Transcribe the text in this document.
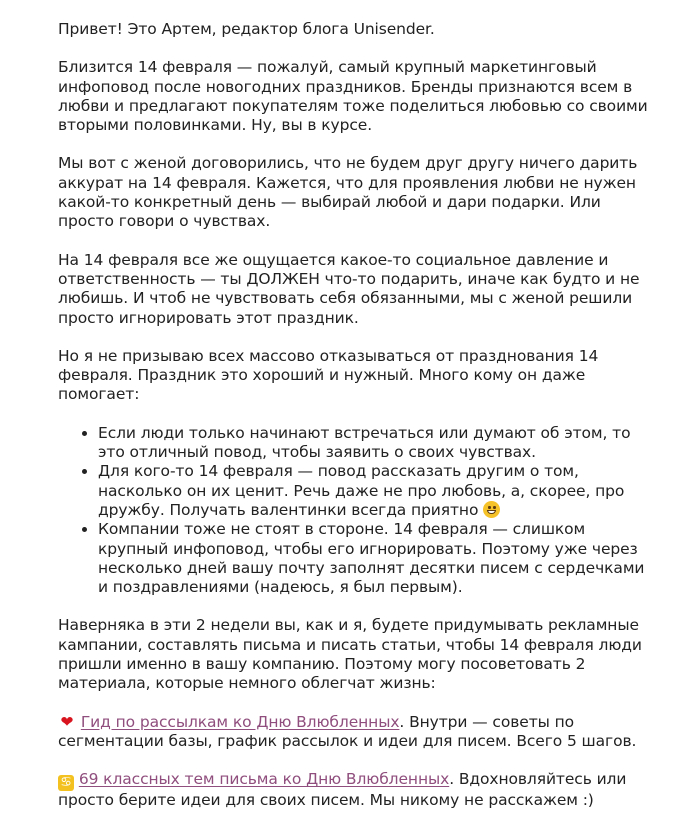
Привет! Это Артем, редактор блога Unisender.

Близится 14 февраля — пожалуй, самый крупный маркетинговый инфоповод после новогодних праздников. Бренды признаются всем в любви и предлагают покупателям тоже поделиться любовью со своими вторыми половинками. Ну, вы в курсе.

Мы вот с женой договорились, что не будем друг другу ничего дарить аккурат на 14 февраля. Кажется, что для проявления любви не нужен какой-то конкретный день — выбирай любой и дари подарки. Или просто говори о чувствах.

На 14 февраля все же ощущается какое-то социальное давление и ответственность — ты ДОЛЖЕН что-то подарить, иначе как будто и не любишь. И чтоб не чувствовать себя обязанными, мы с женой решили просто игнорировать этот праздник.

Но я не призываю всех массово отказываться от празднования 14 февраля. Праздник это хороший и нужный. Много кому он даже помогает:

• Если люди только начинают встречаться или думают об этом, то это отличный повод, чтобы заявить о своих чувствах.
• Для кого-то 14 февраля — повод рассказать другим о том, насколько он их ценит. Речь даже не про любовь, а, скорее, про дружбу. Получать валентинки всегда приятно
• Компании тоже не стоят в стороне. 14 февраля — слишком крупный инфоповод, чтобы его игнорировать. Поэтому уже через несколько дней вашу почту заполнят десятки писем с сердечками и поздравлениями (надеюсь, я был первым).

Наверняка в эти 2 недели вы, как и я, будете придумывать рекламные кампании, составлять письма и писать статьи, чтобы 14 февраля люди пришли именно в вашу компанию. Поэтому могу посоветовать 2 материала, которые немного облегчат жизнь:

❤ Гид по рассылкам ко Дню Влюбленных. Внутри — советы по сегментации базы, график рассылок и идеи для писем. Всего 5 шагов.

♋ 69 классных тем письма ко Дню Влюбленных. Вдохновляйтесь или просто берите идеи для своих писем. Мы никому не расскажем :)
